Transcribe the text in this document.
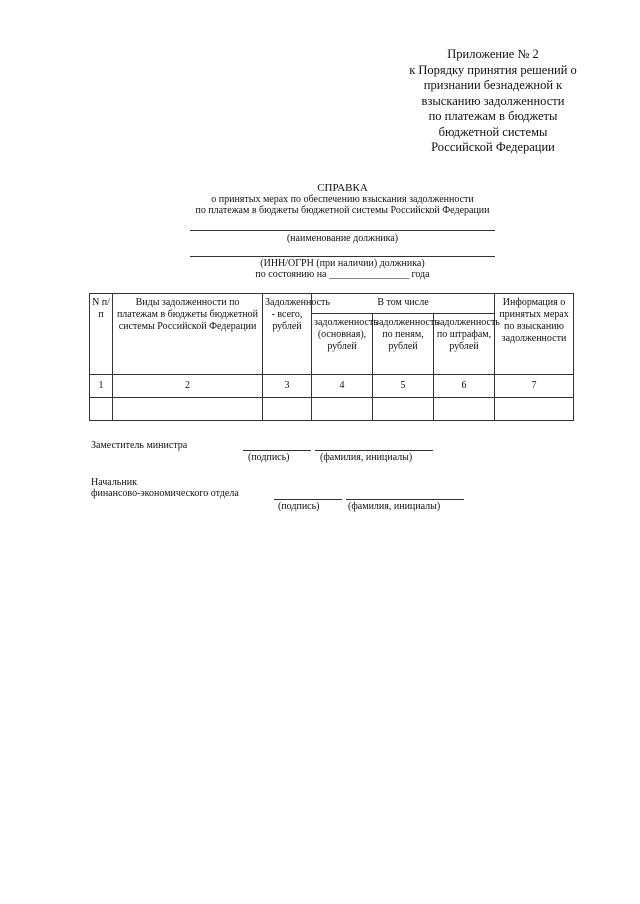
Приложение № 2
к Порядку принятия решений о
признании безнадежной к
взысканию задолженности
по платежам в бюджеты
бюджетной системы
Российской Федерации
СПРАВКА
о принятых мерах по обеспечению взыскания задолженности
по платежам в бюджеты бюджетной системы Российской Федерации
(наименование должника)
(ИНН/ОГРН (при наличии) должника)
по состоянию на ________________ года
N п/п	Виды задолженности по платежам в бюджеты бюджетной системы Российской Федерации	Задолженность - всего, рублей	В том числе			Информация о принятых мерах по взысканию задолженности
			задолженность (основная), рублей	задолженность по пеням, рублей	задолженность по штрафам, рублей	
1	2	3	4	5	6	7

Заместитель министра
(подпись)	(фамилия, инициалы)
Начальник
финансово-экономического отдела
(подпись)	(фамилия, инициалы)
